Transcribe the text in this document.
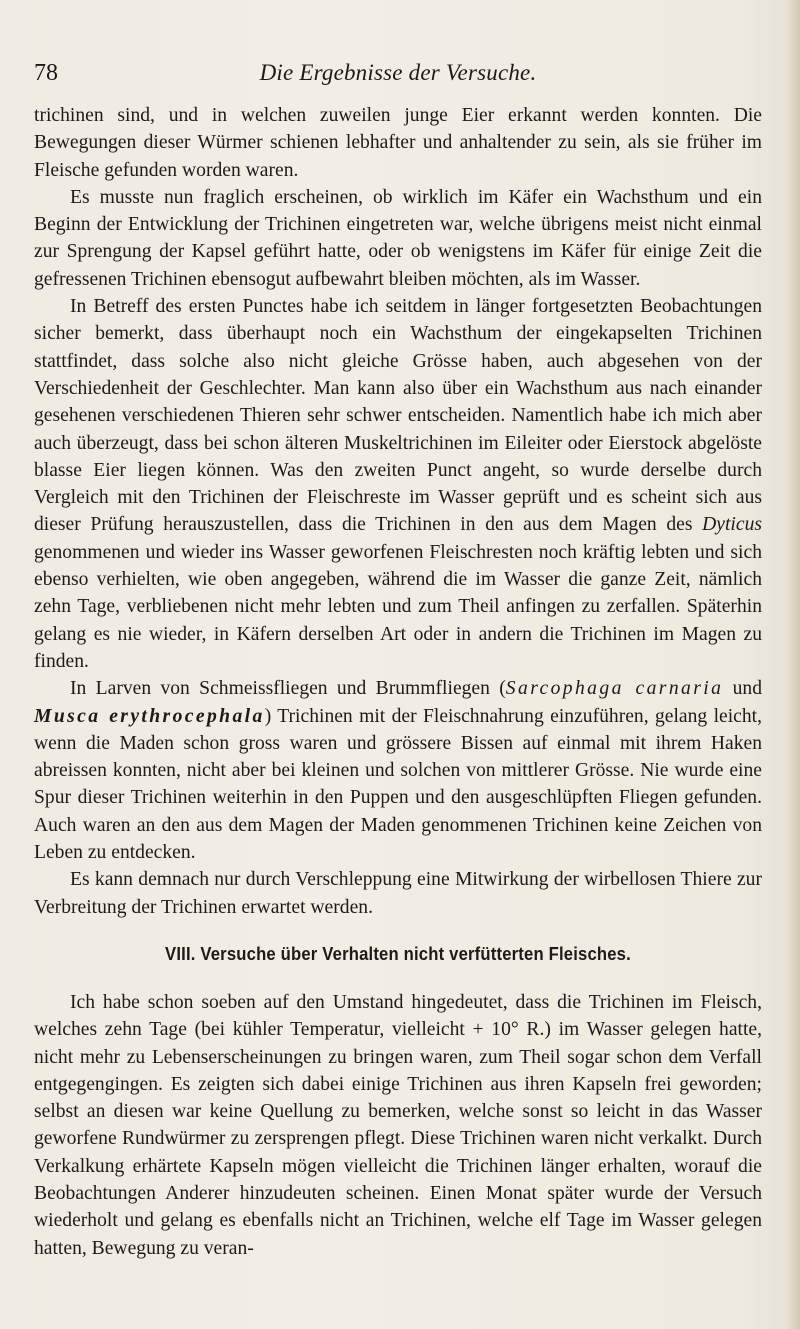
78	Die Ergebnisse der Versuche.

trichinen sind, und in welchen zuweilen junge Eier erkannt werden konnten. Die Bewegungen dieser Würmer schienen lebhafter und anhaltender zu sein, als sie früher im Fleische gefunden worden waren.

Es musste nun fraglich erscheinen, ob wirklich im Käfer ein Wachsthum und ein Beginn der Entwicklung der Trichinen eingetreten war, welche übrigens meist nicht einmal zur Sprengung der Kapsel geführt hatte, oder ob wenigstens im Käfer für einige Zeit die gefressenen Trichinen ebensogut aufbewahrt bleiben möchten, als im Wasser.

In Betreff des ersten Punctes habe ich seitdem in länger fortgesetzten Beobachtungen sicher bemerkt, dass überhaupt noch ein Wachsthum der eingekapselten Trichinen stattfindet, dass solche also nicht gleiche Grösse haben, auch abgesehen von der Verschiedenheit der Geschlechter. Man kann also über ein Wachsthum aus nach einander gesehenen verschiedenen Thieren sehr schwer entscheiden. Namentlich habe ich mich aber auch überzeugt, dass bei schon älteren Muskeltrichinen im Eileiter oder Eierstock abgelöste blasse Eier liegen können. Was den zweiten Punct angeht, so wurde derselbe durch Vergleich mit den Trichinen der Fleischreste im Wasser geprüft und es scheint sich aus dieser Prüfung herauszustellen, dass die Trichinen in den aus dem Magen des Dyticus genommenen und wieder ins Wasser geworfenen Fleischresten noch kräftig lebten und sich ebenso verhielten, wie oben angegeben, während die im Wasser die ganze Zeit, nämlich zehn Tage, verbliebenen nicht mehr lebten und zum Theil anfingen zu zerfallen. Späterhin gelang es nie wieder, in Käfern derselben Art oder in andern die Trichinen im Magen zu finden.

In Larven von Schmeissfliegen und Brummfliegen (Sarcophaga carnaria und Musca erythrocephala) Trichinen mit der Fleischnahrung einzuführen, gelang leicht, wenn die Maden schon gross waren und grössere Bissen auf einmal mit ihrem Haken abreissen konnten, nicht aber bei kleinen und solchen von mittlerer Grösse. Nie wurde eine Spur dieser Trichinen weiterhin in den Puppen und den ausgeschlüpften Fliegen gefunden. Auch waren an den aus dem Magen der Maden genommenen Trichinen keine Zeichen von Leben zu entdecken.

Es kann demnach nur durch Verschleppung eine Mitwirkung der wirbellosen Thiere zur Verbreitung der Trichinen erwartet werden.

VIII. Versuche über Verhalten nicht verfütterten Fleisches.

Ich habe schon soeben auf den Umstand hingedeutet, dass die Trichinen im Fleisch, welches zehn Tage (bei kühler Temperatur, vielleicht + 10° R.) im Wasser gelegen hatte, nicht mehr zu Lebenserscheinungen zu bringen waren, zum Theil sogar schon dem Verfall entgegengingen. Es zeigten sich dabei einige Trichinen aus ihren Kapseln frei geworden; selbst an diesen war keine Quellung zu bemerken, welche sonst so leicht in das Wasser geworfene Rundwürmer zu zersprengen pflegt. Diese Trichinen waren nicht verkalkt. Durch Verkalkung erhärtete Kapseln mögen vielleicht die Trichinen länger erhalten, worauf die Beobachtungen Anderer hinzudeuten scheinen. Einen Monat später wurde der Versuch wiederholt und gelang es ebenfalls nicht an Trichinen, welche elf Tage im Wasser gelegen hatten, Bewegung zu veran-
